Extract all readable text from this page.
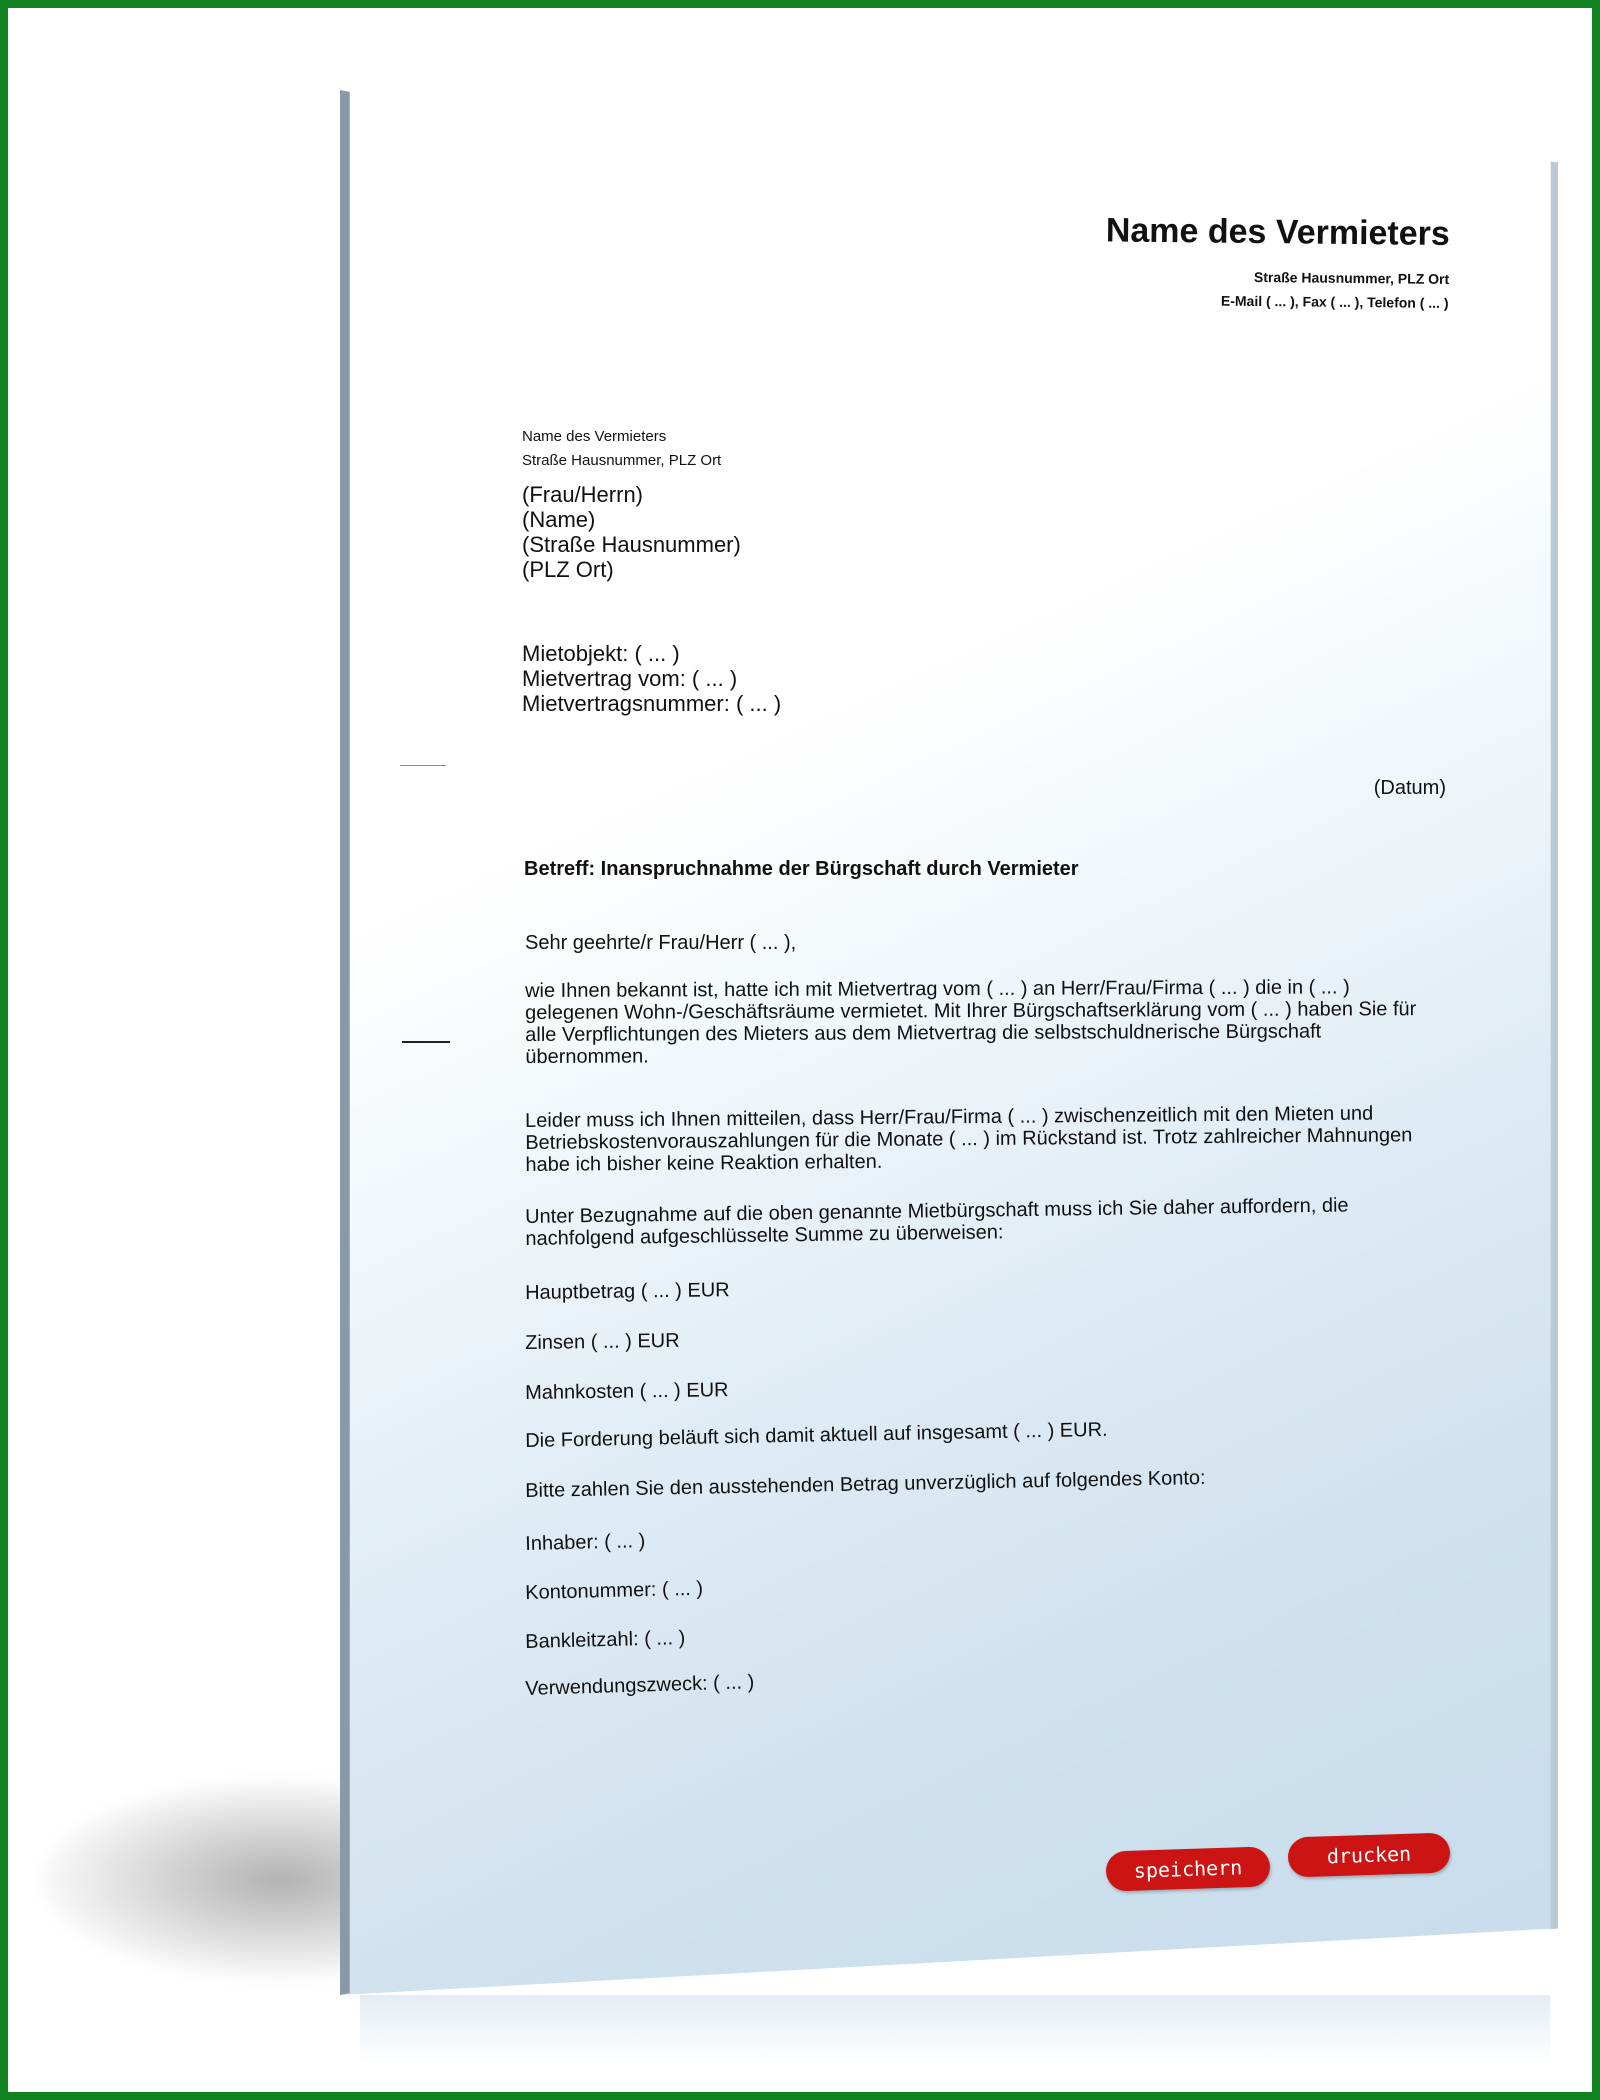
Name des Vermieters
Straße Hausnummer, PLZ Ort
E-Mail ( ... ), Fax ( ... ), Telefon ( ... )
Name des Vermieters
Straße Hausnummer, PLZ Ort
(Frau/Herrn)
(Name)
(Straße Hausnummer)
(PLZ Ort)
Mietobjekt: ( ... )
Mietvertrag vom: ( ... )
Mietvertragsnummer: ( ... )
(Datum)
Betreff: Inanspruchnahme der Bürgschaft durch Vermieter
Sehr geehrte/r Frau/Herr ( ... ),
wie Ihnen bekannt ist, hatte ich mit Mietvertrag vom ( ... ) an Herr/Frau/Firma ( ... ) die in ( ... )
gelegenen Wohn-/Geschäftsräume vermietet. Mit Ihrer Bürgschaftserklärung vom ( ... ) haben Sie für
alle Verpflichtungen des Mieters aus dem Mietvertrag die selbstschuldnerische Bürgschaft
übernommen.
Leider muss ich Ihnen mitteilen, dass Herr/Frau/Firma ( ... ) zwischenzeitlich mit den Mieten und
Betriebskostenvorauszahlungen für die Monate ( ... ) im Rückstand ist. Trotz zahlreicher Mahnungen
habe ich bisher keine Reaktion erhalten.
Unter Bezugnahme auf die oben genannte Mietbürgschaft muss ich Sie daher auffordern, die
nachfolgend aufgeschlüsselte Summe zu überweisen:
Hauptbetrag ( ... ) EUR
Zinsen ( ... ) EUR
Mahnkosten ( ... ) EUR
Die Forderung beläuft sich damit aktuell auf insgesamt ( ... ) EUR.
Bitte zahlen Sie den ausstehenden Betrag unverzüglich auf folgendes Konto:
Inhaber: ( ... )
Kontonummer: ( ... )
Bankleitzahl: ( ... )
Verwendungszweck: ( ... )
speichern
drucken
